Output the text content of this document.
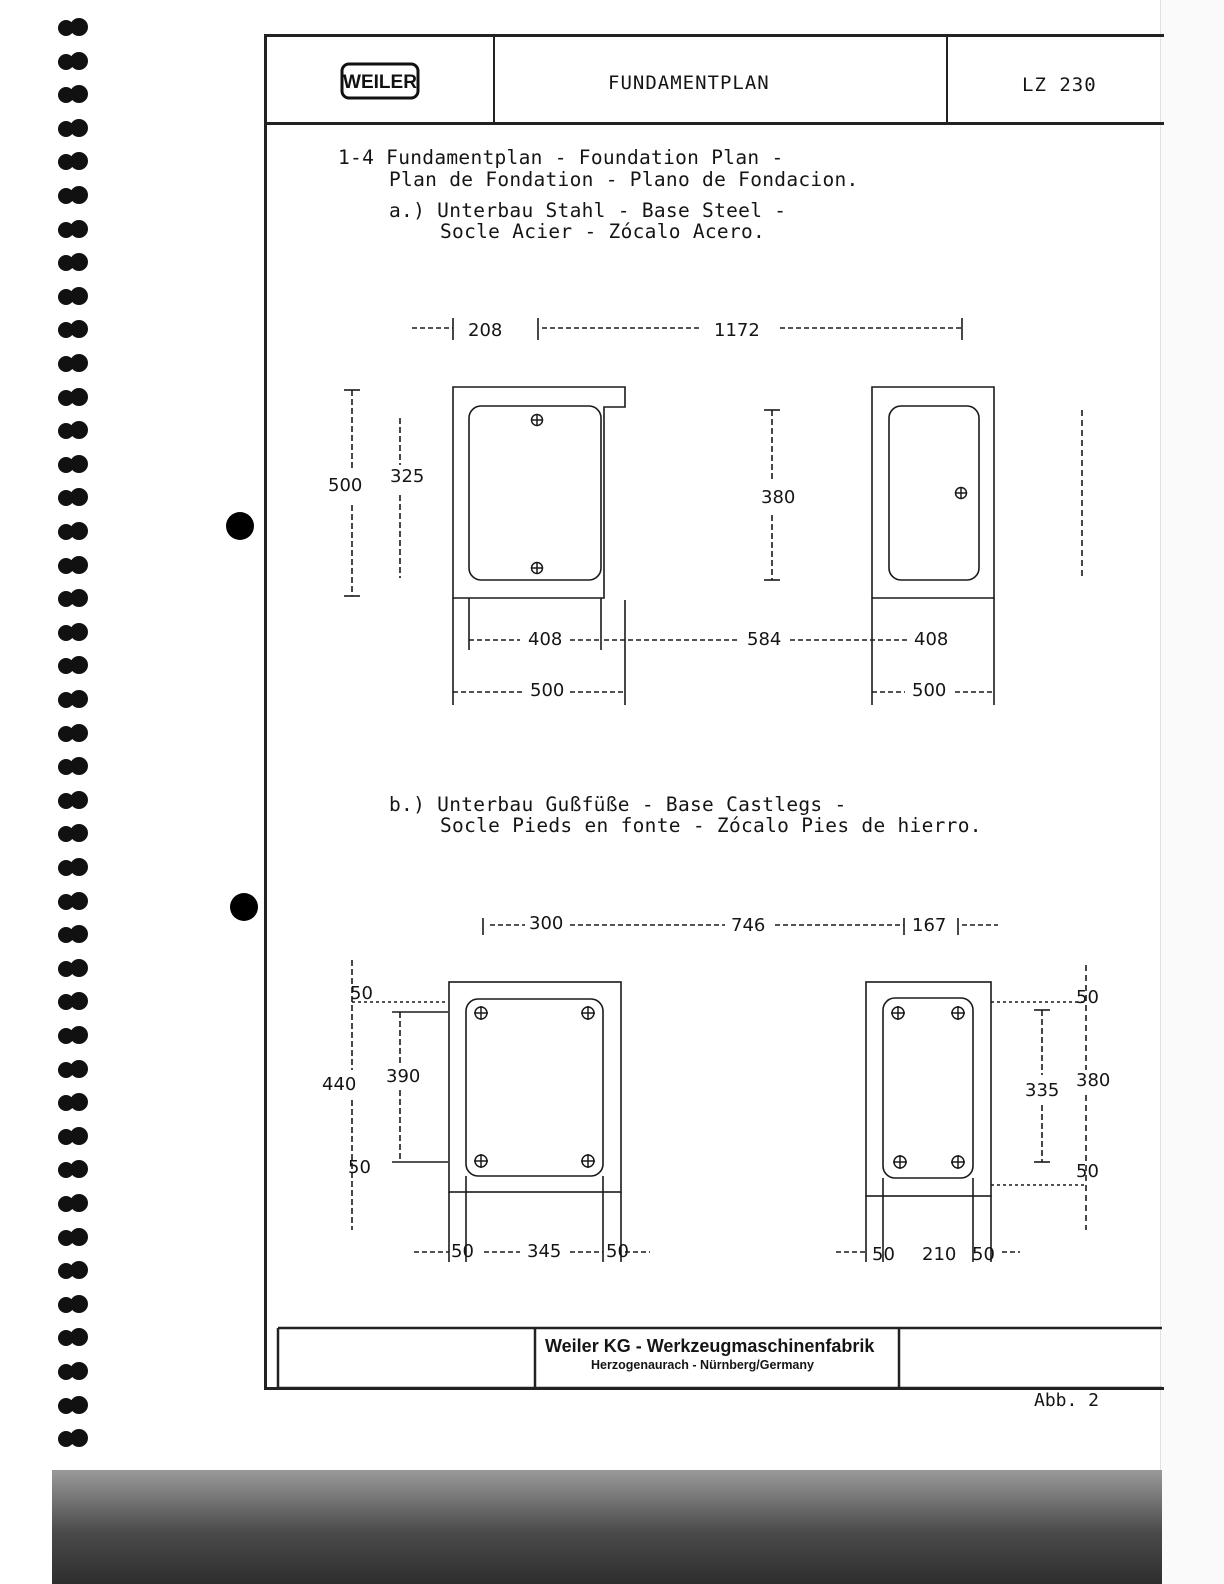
WEILER	FUNDAMENTPLAN	LZ 230
1-4 Fundamentplan - Foundation Plan -
Plan de Fondation - Plano de Fondacion.
a.) Unterbau Stahl - Base Steel -
Socle Acier - Zócalo Acero.
b.) Unterbau Gußfüße - Base Castlegs -
Socle Pieds en fonte - Zócalo Pies de hierro.
208	1172
500 325
380
408	584	408
500	500
300	746	167
50
440 390
50
50
335 380
50
50	345 50	50 210 50
Weiler KG - Werkzeugmaschinenfabrik
Herzogenaurach - Nürnberg/Germany
Abb. 2
